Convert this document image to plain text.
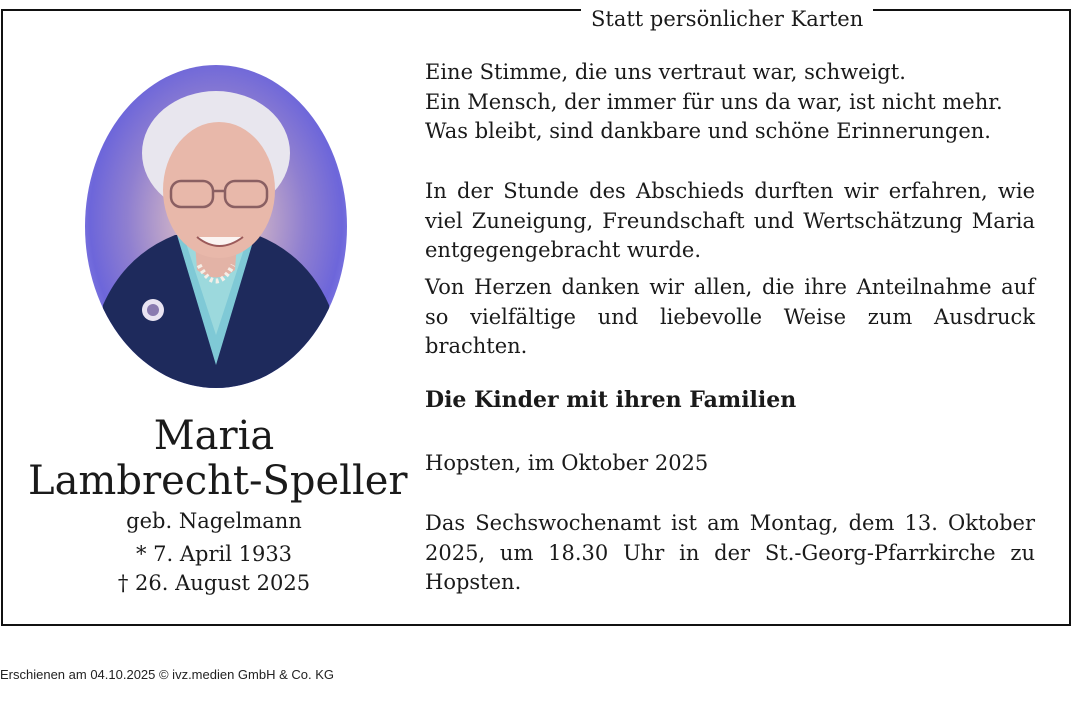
Statt persönlicher Karten
Maria
Lambrecht-Speller
geb. Nagelmann
* 7. April 1933
† 26. August 2025
Eine Stimme, die uns vertraut war, schweigt.
Ein Mensch, der immer für uns da war, ist nicht mehr.
Was bleibt, sind dankbare und schöne Erinnerungen.

In der Stunde des Abschieds durften wir erfahren, wie viel Zuneigung, Freundschaft und Wertschätzung Maria entgegengebracht wurde.

Von Herzen danken wir allen, die ihre Anteilnahme auf so vielfältige und liebevolle Weise zum Ausdruck brachten.

Die Kinder mit ihren Familien
Hopsten, im Oktober 2025

Das Sechswochenamt ist am Montag, dem 13. Oktober 2025, um 18.30 Uhr in der St.-Georg-Pfarrkirche zu Hopsten.

Erschienen am 04.10.2025 © ivz.medien GmbH & Co. KG
